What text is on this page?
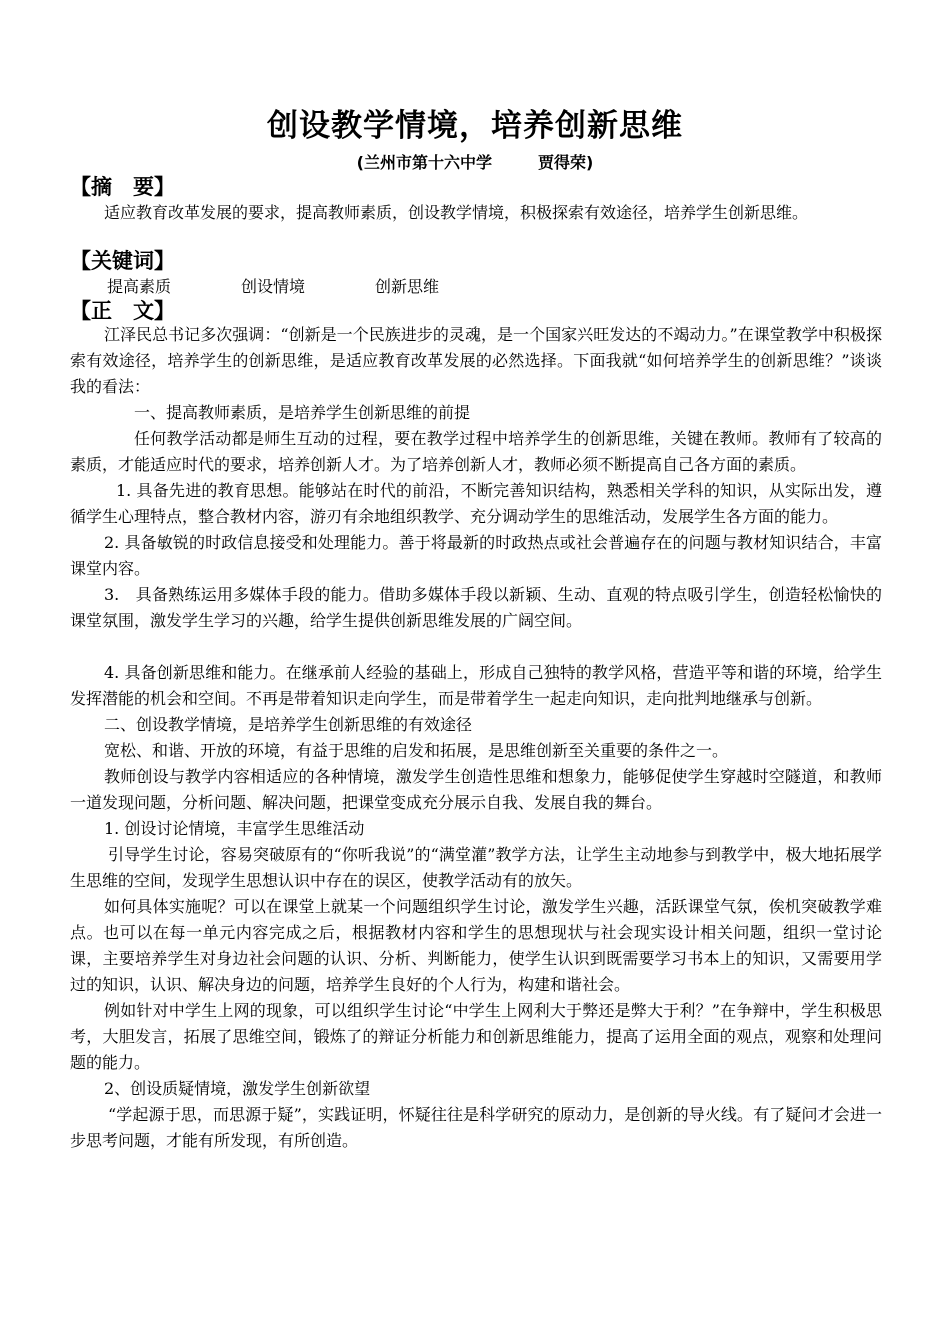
创设教学情境，培养创新思维
(兰州市第十六中学	贾得荣)
【摘　要】

适应教育改革发展的要求，提高教师素质，创设教学情境，积极探索有效途径，培养学生创新思维。

【关键词】
提高素质	创设情境	创新思维
【正　文】

江泽民总书记多次强调：“创新是一个民族进步的灵魂，是一个国家兴旺发达的不竭动力。”在课堂教学中积极探索有效途径，培养学生的创新思维，是适应教育改革发展的必然选择。下面我就“如何培养学生的创新思维？”谈谈我的看法：

一、提高教师素质，是培养学生创新思维的前提

任何教学活动都是师生互动的过程，要在教学过程中培养学生的创新思维，关键在教师。教师有了较高的素质，才能适应时代的要求，培养创新人才。为了培养创新人才，教师必须不断提高自己各方面的素质。

1. 具备先进的教育思想。能够站在时代的前沿，不断完善知识结构，熟悉相关学科的知识，从实际出发，遵循学生心理特点，整合教材内容，游刃有余地组织教学、充分调动学生的思维活动，发展学生各方面的能力。

2. 具备敏锐的时政信息接受和处理能力。善于将最新的时政热点或社会普遍存在的问题与教材知识结合，丰富课堂内容。

3.　具备熟练运用多媒体手段的能力。借助多媒体手段以新颖、生动、直观的特点吸引学生，创造轻松愉快的课堂氛围，激发学生学习的兴趣，给学生提供创新思维发展的广阔空间。

4. 具备创新思维和能力。在继承前人经验的基础上，形成自己独特的教学风格，营造平等和谐的环境，给学生发挥潜能的机会和空间。不再是带着知识走向学生，而是带着学生一起走向知识，走向批判地继承与创新。

二、创设教学情境，是培养学生创新思维的有效途径

宽松、和谐、开放的环境，有益于思维的启发和拓展，是思维创新至关重要的条件之一。

教师创设与教学内容相适应的各种情境，激发学生创造性思维和想象力，能够促使学生穿越时空隧道，和教师一道发现问题，分析问题、解决问题，把课堂变成充分展示自我、发展自我的舞台。

1. 创设讨论情境，丰富学生思维活动

引导学生讨论，容易突破原有的“你听我说”的“满堂灌”教学方法，让学生主动地参与到教学中，极大地拓展学生思维的空间，发现学生思想认识中存在的误区，使教学活动有的放矢。

如何具体实施呢？可以在课堂上就某一个问题组织学生讨论，激发学生兴趣，活跃课堂气氛，俟机突破教学难点。也可以在每一单元内容完成之后，根据教材内容和学生的思想现状与社会现实设计相关问题，组织一堂讨论课，主要培养学生对身边社会问题的认识、分析、判断能力，使学生认识到既需要学习书本上的知识，又需要用学过的知识，认识、解决身边的问题，培养学生良好的个人行为，构建和谐社会。

例如针对中学生上网的现象，可以组织学生讨论“中学生上网利大于弊还是弊大于利？”在争辩中，学生积极思考，大胆发言，拓展了思维空间，锻炼了的辩证分析能力和创新思维能力，提高了运用全面的观点，观察和处理问题的能力。

2、创设质疑情境，激发学生创新欲望

“学起源于思，而思源于疑”，实践证明，怀疑往往是科学研究的原动力，是创新的导火线。有了疑问才会进一步思考问题，才能有所发现，有所创造。
